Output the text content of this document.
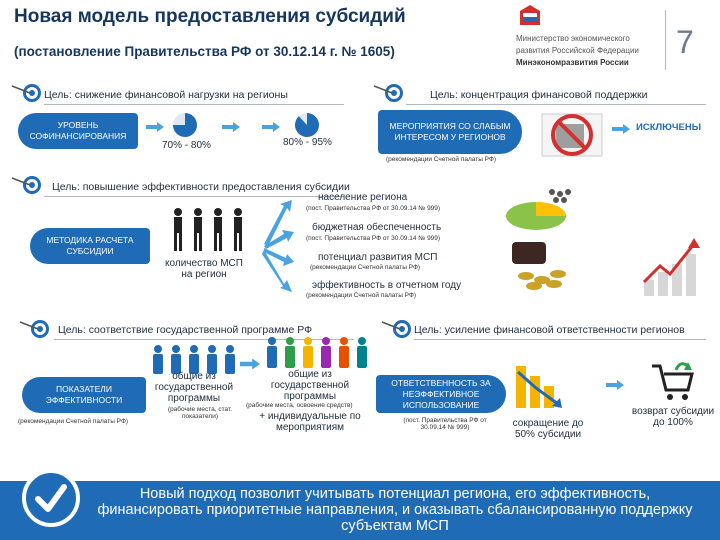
Новая модель предоставления субсидий
(постановление Правительства РФ от 30.12.14 г. № 1605)
Министерство экономического
развития Российской Федерации
Минэкономразвития России
7
Цель: снижение финансовой нагрузки на регионы
УРОВЕНЬ СОФИНАНСИРОВАНИЯ
70% - 80%	80% - 95%
Цель: концентрация финансовой поддержки
МЕРОПРИЯТИЯ СО СЛАБЫМ ИНТЕРЕСОМ У РЕГИОНОВ
(рекомендации Счетной палаты РФ)
ИСКЛЮЧЕНЫ
Цель: повышение эффективности предоставления субсидии
МЕТОДИКА РАСЧЕТА СУБСИДИИ
количество МСП на регион
население региона
(пост. Правительства РФ от 30.09.14 № 999)
бюджетная обеспеченность
(пост. Правительства РФ от 30.09.14 № 999)
потенциал развития МСП
(рекомендации Счетной палаты РФ)
эффективность в отчетном году
(рекомендации Счетной палаты РФ)
Цель: соответствие государственной программе РФ
ПОКАЗАТЕЛИ ЭФФЕКТИВНОСТИ
(рекомендации Счетной палаты РФ)
общие из государственной программы
(рабочие места, стат. показатели)
общие из государственной программы
(рабочие места, освоение средств)
+ индивидуальные по мероприятиям
Цель: усиление финансовой ответственности регионов
ОТВЕТСТВЕННОСТЬ ЗА НЕЭФФЕКТИВНОЕ ИСПОЛЬЗОВАНИЕ
(пост. Правительства РФ от 30.09.14 № 999)	сокращение до 50% субсидии
возврат субсидии до 100%
Новый подход позволит учитывать потенциал региона, его эффективность, финансировать приоритетные направления, и оказывать сбалансированную поддержку субъектам МСП
